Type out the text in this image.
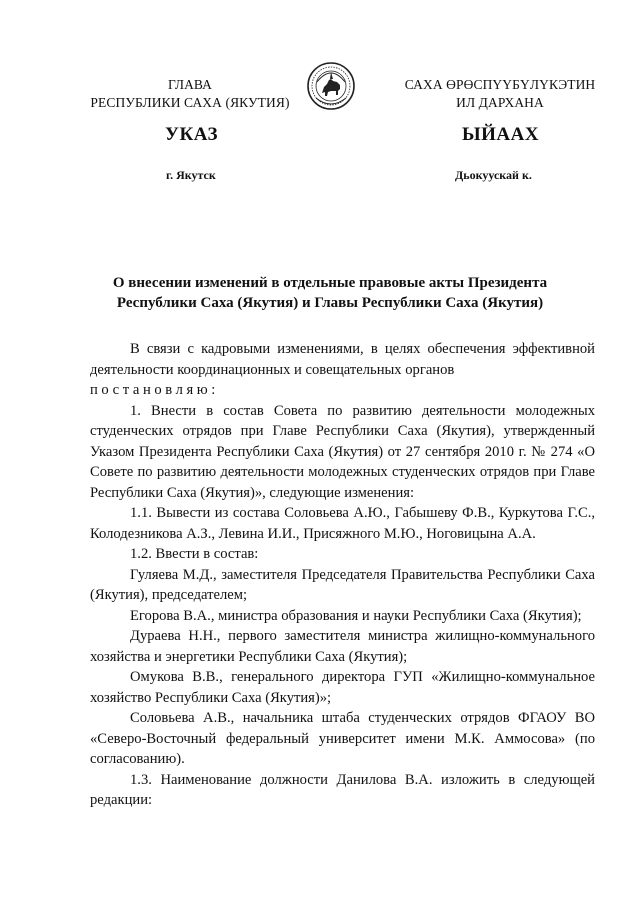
ГЛАВА
РЕСПУБЛИКИ САХА (ЯКУТИЯ)
САХА ӨРӨСПҮҮБҮЛҮКЭТИН
ИЛ ДАРХАНА
УКАЗ	ЫЙААХ
г. Якутск	Дьокуускай к.
О внесении изменений в отдельные правовые акты Президента
Республики Саха (Якутия) и Главы Республики Саха (Якутия)

В связи с кадровыми изменениями, в целях обеспечения эффективной деятельности координационных и совещательных органов

постановляю:

1. Внести в состав Совета по развитию деятельности молодежных студенческих отрядов при Главе Республики Саха (Якутия), утвержденный Указом Президента Республики Саха (Якутия) от 27 сентября 2010 г. № 274 «О Совете по развитию деятельности молодежных студенческих отрядов при Главе Республики Саха (Якутия)», следующие изменения:

1.1. Вывести из состава Соловьева А.Ю., Габышеву Ф.В., Куркутова Г.С., Колодезникова А.З., Левина И.И., Присяжного М.Ю., Ноговицына А.А.

1.2. Ввести в состав:

Гуляева М.Д., заместителя Председателя Правительства Республики Саха (Якутия), председателем;

Егорова В.А., министра образования и науки Республики Саха (Якутия);

Дураева Н.Н., первого заместителя министра жилищно-коммунального хозяйства и энергетики Республики Саха (Якутия);

Омукова В.В., генерального директора ГУП «Жилищно-коммунальное хозяйство Республики Саха (Якутия)»;

Соловьева А.В., начальника штаба студенческих отрядов ФГАОУ ВО «Северо-Восточный федеральный университет имени М.К. Аммосова» (по согласованию).

1.3. Наименование должности Данилова В.А. изложить в следующей редакции:
